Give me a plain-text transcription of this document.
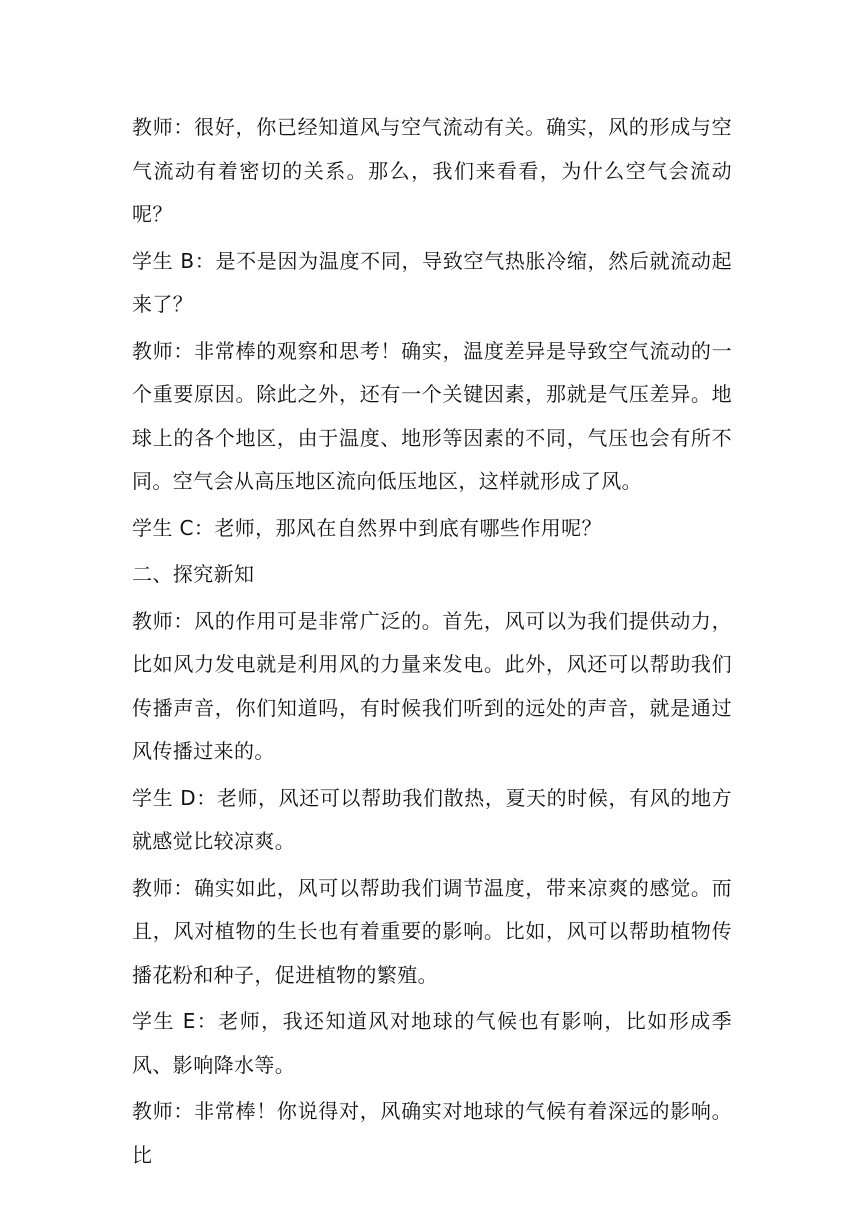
教师：很好，你已经知道风与空气流动有关。确实，风的形成与空气流动有着密切的关系。那么，我们来看看，为什么空气会流动呢？

学生 B：是不是因为温度不同，导致空气热胀冷缩，然后就流动起来了？

教师：非常棒的观察和思考！确实，温度差异是导致空气流动的一个重要原因。除此之外，还有一个关键因素，那就是气压差异。地球上的各个地区，由于温度、地形等因素的不同，气压也会有所不同。空气会从高压地区流向低压地区，这样就形成了风。

学生 C：老师，那风在自然界中到底有哪些作用呢？

二、探究新知

教师：风的作用可是非常广泛的。首先，风可以为我们提供动力，比如风力发电就是利用风的力量来发电。此外，风还可以帮助我们传播声音，你们知道吗，有时候我们听到的远处的声音，就是通过风传播过来的。

学生 D：老师，风还可以帮助我们散热，夏天的时候，有风的地方就感觉比较凉爽。

教师：确实如此，风可以帮助我们调节温度，带来凉爽的感觉。而且，风对植物的生长也有着重要的影响。比如，风可以帮助植物传播花粉和种子，促进植物的繁殖。

学生 E：老师，我还知道风对地球的气候也有影响，比如形成季风、影响降水等。

教师：非常棒！你说得对，风确实对地球的气候有着深远的影响。比
